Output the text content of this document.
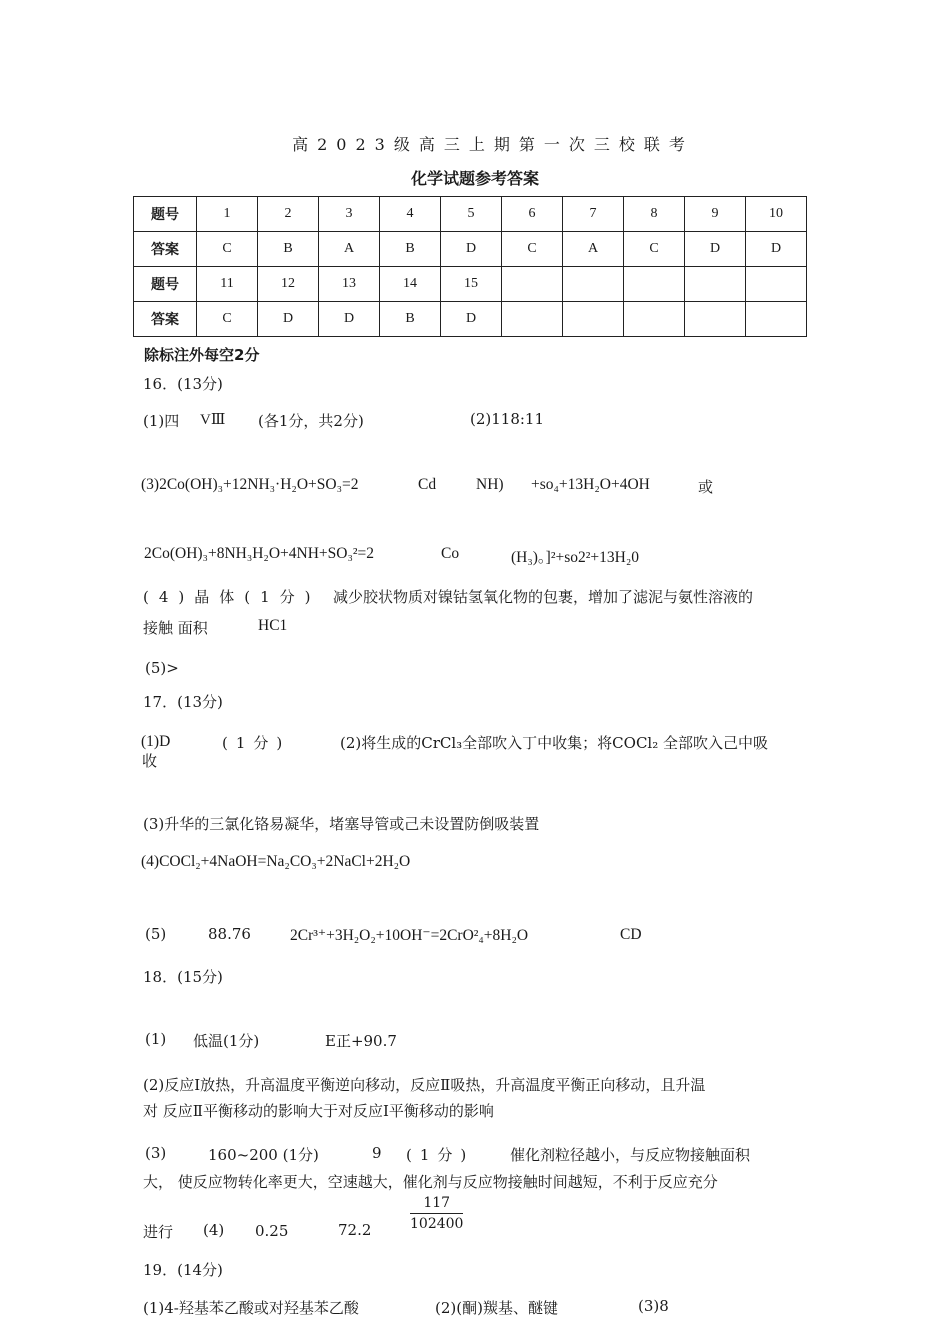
高2023级高三上期第一次三校联考
化学试题参考答案
题号	1	2	3	4	5	6	7	8	9	10
答案	C	B	A	B	D	C	A	C	D	D
题号	11	12	13	14	15					
答案	C	D	D	B	D					
除标注外每空2分
16．(13分)
(1)四 VⅢ (各1分，共2分)	(2)118:11
(3)2Co(OH)₃+12NH₃·H₂O+SO₃=2	Cd	NH) +so₄+13H₂O+4OH	或
2Co(OH)₃+8NH₃H₂O+4NH+SO₃²=2	Co	(H₃)。]²+so2²+13H₂0
(4)晶体(1分) 减少胶状物质对镍钴氢氧化物的包裹，增加了滤泥与氨性溶液的
接触 面积	HC1
(5)>
17．(13分)
(1)D	(1分)	(2)将生成的CrCl₃全部吹入丁中收集；将COCl₂ 全部吹入己中吸
收
(3)升华的三氯化铬易凝华，堵塞导管或己未设置防倒吸装置
(4)COCl₂+4NaOH=Na₂CO₃+2NaCl+2H₂O
(5)	88.76	2Cr³⁺+3H₂O₂+10OH⁻=2CrO²₄+8H₂O	CD
18．(15分)
(1) 低温(1分)	E正+90.7
(2)反应Ⅰ放热，升高温度平衡逆向移动，反应Ⅱ吸热，升高温度平衡正向移动，且升温
对 反应Ⅱ平衡移动的影响大于对反应Ⅰ平衡移动的影响
(3)	160~200 (1分)	9 (1分) 催化剂粒径越小，与反应物接触面积
大， 使反应物转化率更大，空速越大，催化剂与反应物接触时间越短，不利于反应充分
进行 (4) 0.25	72.2	$\frac{117}{102400}$
19．(14分)
(1)4-羟基苯乙酸或对羟基苯乙酸	(2)(酮)羰基、醚键	(3)8
